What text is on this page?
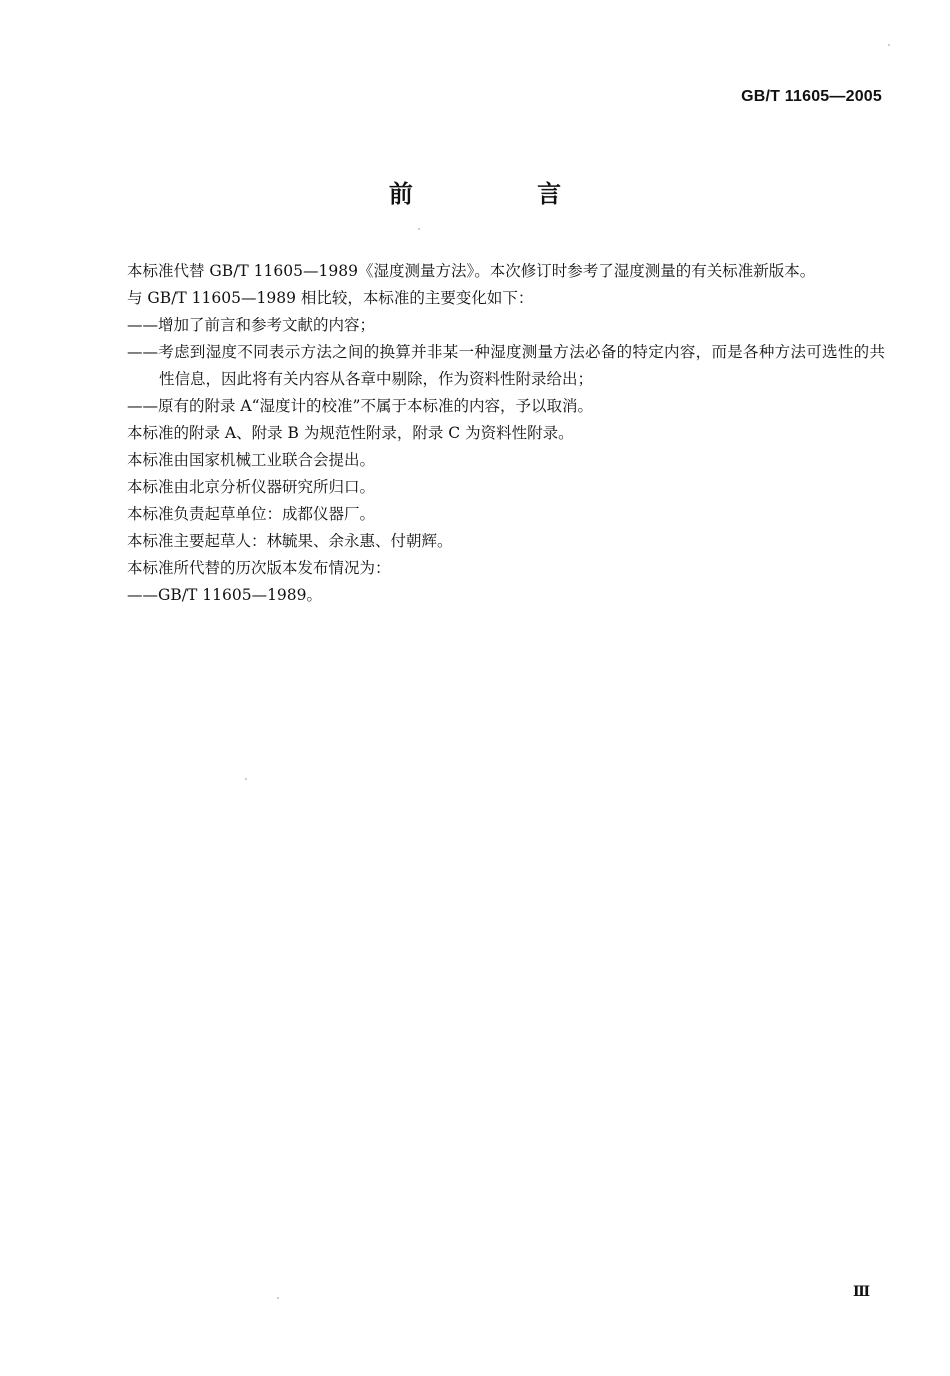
GB/T 11605—2005
前 言

本标准代替 GB/T 11605—1989《湿度测量方法》。本次修订时参考了湿度测量的有关标准新版本。

与 GB/T 11605—1989 相比较，本标准的主要变化如下：

——增加了前言和参考文献的内容；

——考虑到湿度不同表示方法之间的换算并非某一种湿度测量方法必备的特定内容，而是各种方法可选性的共性信息，因此将有关内容从各章中剔除，作为资料性附录给出；

——原有的附录 A“湿度计的校准”不属于本标准的内容，予以取消。

本标准的附录 A、附录 B 为规范性附录，附录 C 为资料性附录。

本标准由国家机械工业联合会提出。

本标准由北京分析仪器研究所归口。

本标准负责起草单位：成都仪器厂。

本标准主要起草人：林毓果、余永惠、付朝辉。

本标准所代替的历次版本发布情况为：

——GB/T 11605—1989。

Ⅲ
